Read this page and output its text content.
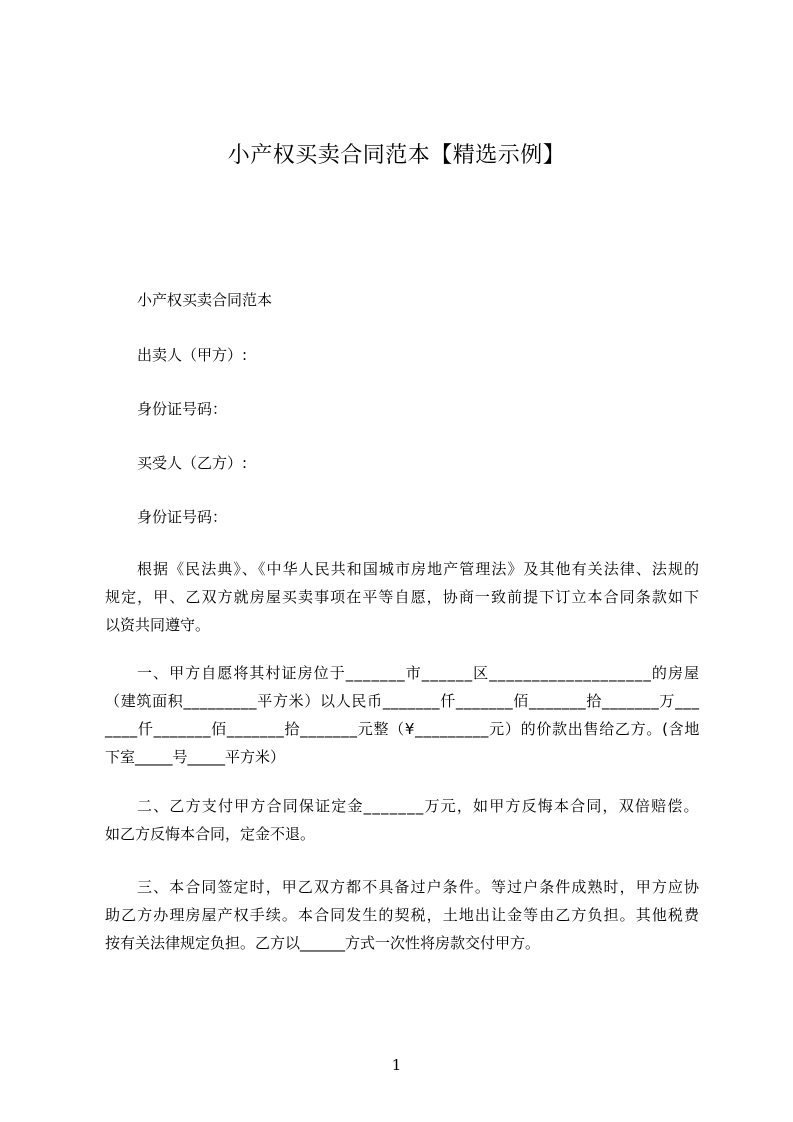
小产权买卖合同范本【精选示例】
小产权买卖合同范本
出卖人（甲方）:
身份证号码：
买受人（乙方）:
身份证号码：
根据《民法典》、《中华人民共和国城市房地产管理法》及其他有关法律、法规的
规定，甲、乙双方就房屋买卖事项在平等自愿，协商一致前提下订立本合同条款如下
以资共同遵守。
一、甲方自愿将其村证房位于_______市______区___________________的房屋
（建筑面积_________平方米）以人民币_______仟_______佰_______拾_______万___
____仟_______佰_______拾_______元整（¥_________元）的价款出售给乙方。(含地
下室_____号_____平方米）
二、乙方支付甲方合同保证定金_______万元，如甲方反悔本合同，双倍赔偿。
如乙方反悔本合同，定金不退。
三、本合同签定时，甲乙双方都不具备过户条件。等过户条件成熟时，甲方应协
助乙方办理房屋产权手续。本合同发生的契税，土地出让金等由乙方负担。其他税费
按有关法律规定负担。乙方以______方式一次性将房款交付甲方。
1
